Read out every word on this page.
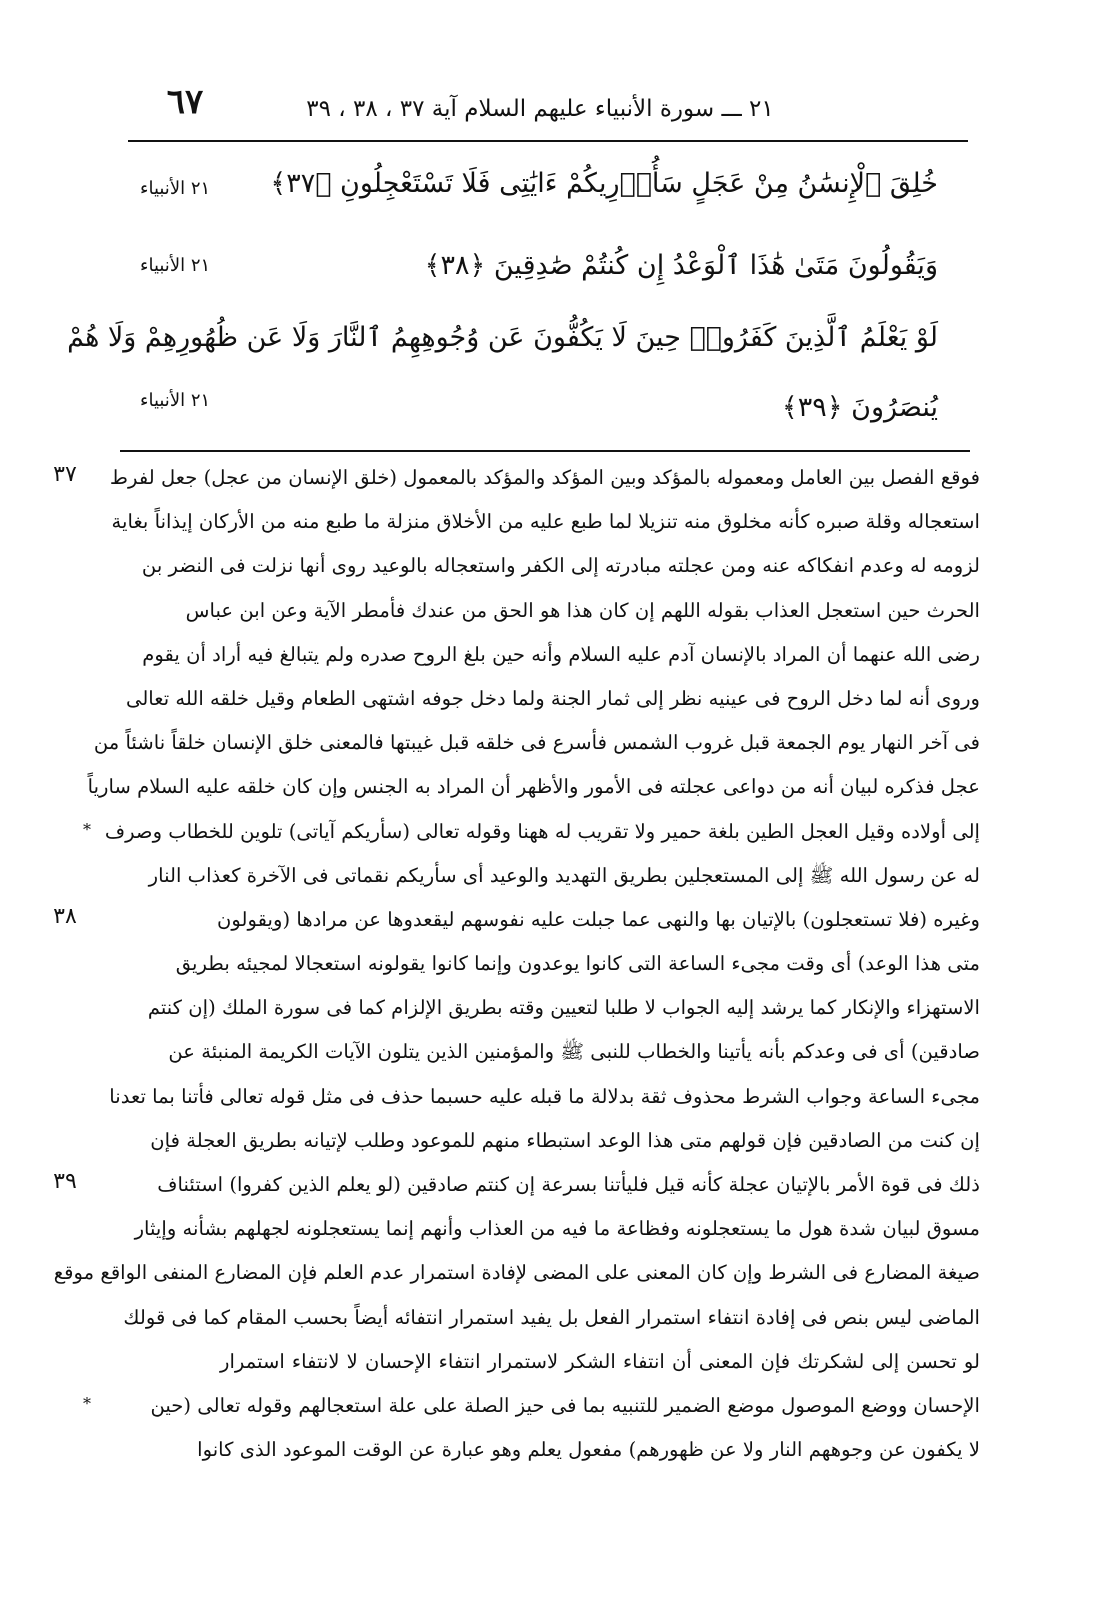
٦٧	٢١ ـــ سورة الأنبياء عليهم السلام آية ٣٧ ، ٣٨ ، ٣٩
خُلِقَ ٱلْإِنسَٰنُ مِنْ عَجَلٍ سَأُو۟رِيكُمْ ءَايَٰتِى فَلَا تَسْتَعْجِلُونِ ﴿٣٧﴾
٢١ الأنبياء
وَيَقُولُونَ مَتَىٰ هَٰذَا ٱلْوَعْدُ إِن كُنتُمْ صَٰدِقِينَ ﴿٣٨﴾
٢١ الأنبياء
لَوْ يَعْلَمُ ٱلَّذِينَ كَفَرُوا۟ حِينَ لَا يَكُفُّونَ عَن وُجُوهِهِمُ ٱلنَّارَ وَلَا عَن ظُهُورِهِمْ وَلَا هُمْ
يُنصَرُونَ ﴿٣٩﴾
٢١ الأنبياء
فوقع الفصل بين العامل ومعموله بالمؤكد وبين المؤكد والمؤكد بالمعمول (خلق الإنسان من عجل) جعل لفرط
استعجاله وقلة صبره كأنه مخلوق منه تنزيلا لما طبع عليه من الأخلاق منزلة ما طبع منه من الأركان إيذاناً بغاية
لزومه له وعدم انفكاكه عنه ومن عجلته مبادرته إلى الكفر واستعجاله بالوعيد روى أنها نزلت فى النضر بن
الحرث حين استعجل العذاب بقوله اللهم إن كان هذا هو الحق من عندك فأمطر الآية وعن ابن عباس
رضى الله عنهما أن المراد بالإنسان آدم عليه السلام وأنه حين بلغ الروح صدره ولم يتبالغ فيه أراد أن يقوم
وروى أنه لما دخل الروح فى عينيه نظر إلى ثمار الجنة ولما دخل جوفه اشتهى الطعام وقيل خلقه الله تعالى
فى آخر النهار يوم الجمعة قبل غروب الشمس فأسرع فى خلقه قبل غيبتها فالمعنى خلق الإنسان خلقاً ناشئاً من
عجل فذكره لبيان أنه من دواعى عجلته فى الأمور والأظهر أن المراد به الجنس وإن كان خلقه عليه السلام سارياً
إلى أولاده وقيل العجل الطين بلغة حمير ولا تقريب له ههنا وقوله تعالى (سأريكم آياتى) تلوين للخطاب وصرف
له عن رسول الله ﷺ إلى المستعجلين بطريق التهديد والوعيد أى سأريكم نقماتى فى الآخرة كعذاب النار
وغيره (فلا تستعجلون) بالإتيان بها والنهى عما جبلت عليه نفوسهم ليقعدوها عن مرادها (ويقولون
متى هذا الوعد) أى وقت مجىء الساعة التى كانوا يوعدون وإنما كانوا يقولونه استعجالا لمجيئه بطريق
الاستهزاء والإنكار كما يرشد إليه الجواب لا طلبا لتعيين وقته بطريق الإلزام كما فى سورة الملك (إن كنتم
صادقين) أى فى وعدكم بأنه يأتينا والخطاب للنبى ﷺ والمؤمنين الذين يتلون الآيات الكريمة المنبئة عن
مجىء الساعة وجواب الشرط محذوف ثقة بدلالة ما قبله عليه حسبما حذف فى مثل قوله تعالى فأتنا بما تعدنا
إن كنت من الصادقين فإن قولهم متى هذا الوعد استبطاء منهم للموعود وطلب لإتيانه بطريق العجلة فإن
ذلك فى قوة الأمر بالإتيان عجلة كأنه قيل فليأتنا بسرعة إن كنتم صادقين (لو يعلم الذين كفروا) استئناف
مسوق لبيان شدة هول ما يستعجلونه وفظاعة ما فيه من العذاب وأنهم إنما يستعجلونه لجهلهم بشأنه وإيثار
صيغة المضارع فى الشرط وإن كان المعنى على المضى لإفادة استمرار عدم العلم فإن المضارع المنفى الواقع موقع
الماضى ليس بنص فى إفادة انتفاء استمرار الفعل بل يفيد استمرار انتفائه أيضاً بحسب المقام كما فى قولك
لو تحسن إلى لشكرتك فإن المعنى أن انتفاء الشكر لاستمرار انتفاء الإحسان لا لانتفاء استمرار
الإحسان ووضع الموصول موضع الضمير للتنبيه بما فى حيز الصلة على علة استعجالهم وقوله تعالى (حين
لا يكفون عن وجوههم النار ولا عن ظهورهم) مفعول يعلم وهو عبارة عن الوقت الموعود الذى كانوا
٣٧
٣٨
٣٩
*
*
